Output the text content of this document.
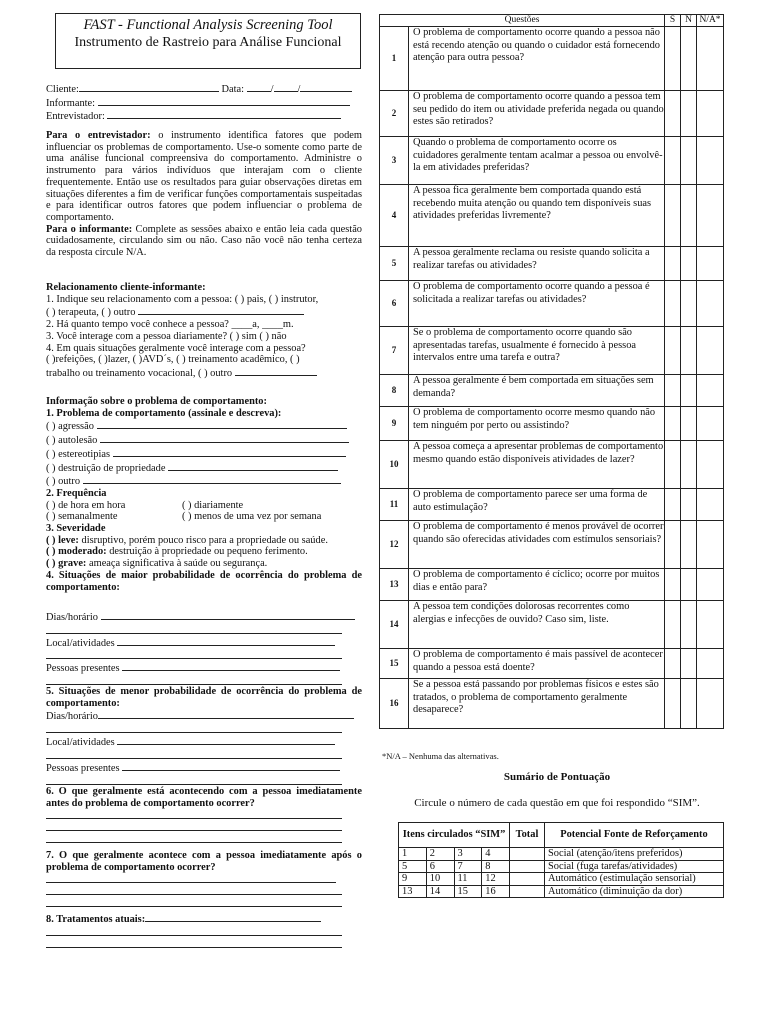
FAST - Functional Analysis Screening Tool
Instrumento de Rastreio para Análise Funcional

Cliente:	Data:	/ /

Informante:

Entrevistador:

Para o entrevistador: o instrumento identifica fatores que podem influenciar os problemas de comportamento. Use-o somente como parte de uma análise funcional compreensiva do comportamento. Administre o instrumento para vários indivíduos que interajam com o cliente frequentemente. Então use os resultados para guiar observações diretas em situações diferentes a fim de verificar funções comportamentais suspeitadas e para identificar outros fatores que podem influenciar o problema de comportamento.

Para o informante: Complete as sessões abaixo e então leia cada questão cuidadosamente, circulando sim ou não. Caso não você não tenha certeza da resposta circule N/A.

Relacionamento cliente-informante:

1. Indique seu relacionamento com a pessoa: ( ) pais, ( ) instrutor,

( ) terapeuta, ( ) outro

2. Há quanto tempo você conhece a pessoa? ____a, ____m.

3. Você interage com a pessoa diariamente? ( ) sim ( ) não

4. Em quais situações geralmente você interage com a pessoa?

( )refeições, ( )lazer, ( )AVD´s, ( ) treinamento acadêmico, ( )

trabalho ou treinamento vocacional, ( ) outro

Informação sobre o problema de comportamento:

1. Problema de comportamento (assinale e descreva):

( ) agressão

( ) autolesão

( ) estereotipias

( ) destruição de propriedade

( ) outro

2. Frequência

( ) de hora em hora	( ) diariamente

( ) semanalmente	( ) menos de uma vez por semana

3. Severidade

( ) leve: disruptivo, porém pouco risco para a propriedade ou saúde.

( ) moderado: destruição à propriedade ou pequeno ferimento.

( ) grave: ameaça significativa à saúde ou segurança.

4. Situações de maior probabilidade de ocorrência do problema de comportamento:

Dias/horário

Local/atividades

Pessoas presentes

5. Situações de menor probabilidade de ocorrência do problema de comportamento:

Dias/horário

Local/atividades

Pessoas presentes

6. O que geralmente está acontecendo com a pessoa imediatamente antes do problema de comportamento ocorrer?

7. O que geralmente acontece com a pessoa imediatamente após o problema de comportamento ocorrer?

8. Tratamentos atuais:

Questões		S	N	N/A*
1	O problema de comportamento ocorre quando a pessoa não está recendo atenção ou quando o cuidador está fornecendo atenção para outra pessoa?			
2	O problema de comportamento ocorre quando a pessoa tem seu pedido do item ou atividade preferida negada ou quando estes são retirados?			
3	Quando o problema de comportamento ocorre os cuidadores geralmente tentam acalmar a pessoa ou envolvê-la em atividades preferidas?			
4	A pessoa fica geralmente bem comportada quando está recebendo muita atenção ou quando tem disponíveis suas atividades preferidas livremente?			
5	A pessoa geralmente reclama ou resiste quando solicita a realizar tarefas ou atividades?			
6	O problema de comportamento ocorre quando a pessoa é solicitada a realizar tarefas ou atividades?			
7	Se o problema de comportamento ocorre quando são apresentadas tarefas, usualmente é fornecido à pessoa intervalos entre uma tarefa e outra?			
8	A pessoa geralmente é bem comportada em situações sem demanda?			
9	O problema de comportamento ocorre mesmo quando não tem ninguém por perto ou assistindo?			
10	A pessoa começa a apresentar problemas de comportamento mesmo quando estão disponíveis atividades de lazer?			
11	O problema de comportamento parece ser uma forma de auto estimulação?			
12	O problema de comportamento é menos provável de ocorrer quando são oferecidas atividades com estímulos sensoriais?			
13	O problema de comportamento é cíclico; ocorre por muitos dias e então para?			
14	A pessoa tem condições dolorosas recorrentes como alergias e infecções de ouvido? Caso sim, liste.			
15	O problema de comportamento é mais passível de acontecer quando a pessoa está doente?			
16	Se a pessoa está passando por problemas físicos e estes são tratados, o problema de comportamento geralmente desaparece?			
*N/A – Nenhuma das alternativas.
Sumário de Pontuação
Circule o número de cada questão em que foi respondido “SIM”.
Itens circulados “SIM”				Total	Potencial Fonte de Reforçamento
1	2	3	4		Social (atenção/itens preferidos)
5	6	7	8		Social (fuga tarefas/atividades)
9	10	11	12		Automático (estimulação sensorial)
13	14	15	16		Automático (diminuição da dor)
